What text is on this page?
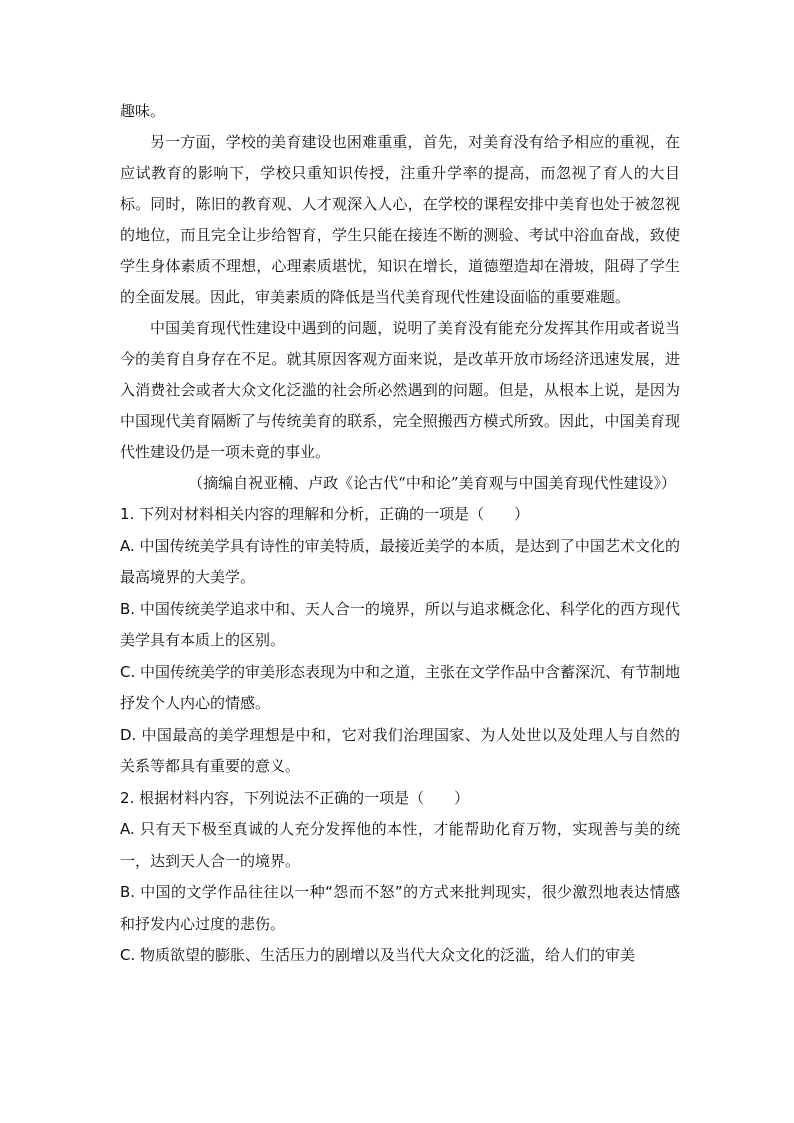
趣味。

另一方面，学校的美育建设也困难重重，首先，对美育没有给予相应的重视，在应试教育的影响下，学校只重知识传授，注重升学率的提高，而忽视了育人的大目标。同时，陈旧的教育观、人才观深入人心，在学校的课程安排中美育也处于被忽视的地位，而且完全让步给智育，学生只能在接连不断的测验、考试中浴血奋战，致使学生身体素质不理想，心理素质堪忧，知识在增长，道德塑造却在滑坡，阻碍了学生的全面发展。因此，审美素质的降低是当代美育现代性建设面临的重要难题。

中国美育现代性建设中遇到的问题，说明了美育没有能充分发挥其作用或者说当今的美育自身存在不足。就其原因客观方面来说，是改革开放市场经济迅速发展，进入消费社会或者大众文化泛滥的社会所必然遇到的问题。但是，从根本上说，是因为中国现代美育隔断了与传统美育的联系，完全照搬西方模式所致。因此，中国美育现代性建设仍是一项未竟的事业。

（摘编自祝亚楠、卢政《论古代“中和论”美育观与中国美育现代性建设》）

1. 下列对材料相关内容的理解和分析，正确的一项是（　　）

A. 中国传统美学具有诗性的审美特质，最接近美学的本质，是达到了中国艺术文化的最高境界的大美学。

B. 中国传统美学追求中和、天人合一的境界，所以与追求概念化、科学化的西方现代美学具有本质上的区别。

C. 中国传统美学的审美形态表现为中和之道，主张在文学作品中含蓄深沉、有节制地抒发个人内心的情感。

D. 中国最高的美学理想是中和，它对我们治理国家、为人处世以及处理人与自然的关系等都具有重要的意义。

2. 根据材料内容，下列说法不正确的一项是（　　）

A. 只有天下极至真诚的人充分发挥他的本性，才能帮助化育万物，实现善与美的统一，达到天人合一的境界。

B. 中国的文学作品往往以一种“怨而不怒”的方式来批判现实，很少激烈地表达情感和抒发内心过度的悲伤。

C. 物质欲望的膨胀、生活压力的剧增以及当代大众文化的泛滥，给人们的审美
